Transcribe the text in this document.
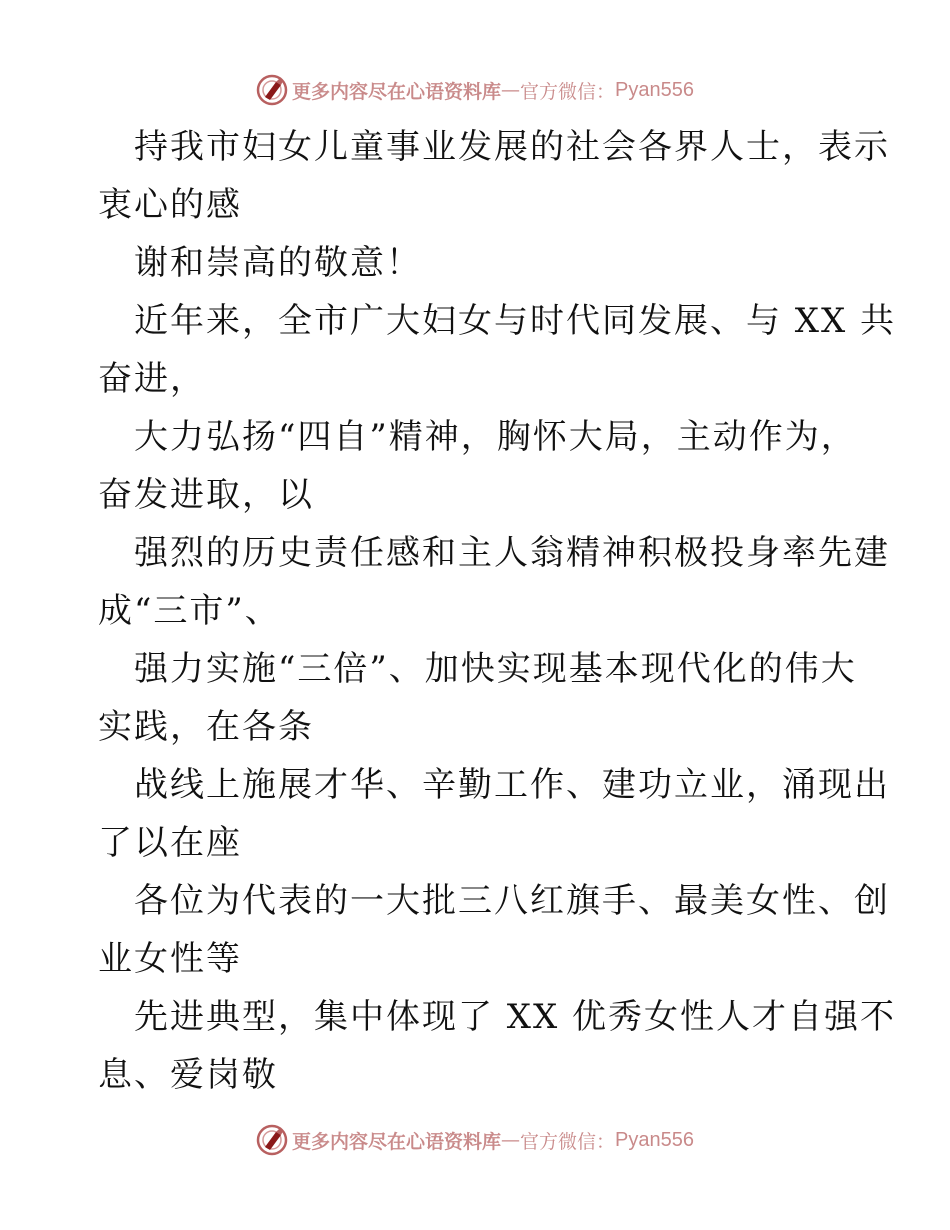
更多内容尽在心语资料库 — 官方微信： Pyan556

持我市妇女儿童事业发展的社会各界人士，表示

衷心的感

谢和崇高的敬意！

近年来，全市广大妇女与时代同发展、与 XX 共

奋进，

大力弘扬“四自”精神，胸怀大局，主动作为，

奋发进取，以

强烈的历史责任感和主人翁精神积极投身率先建

成“三市”、

强力实施“三倍”、加快实现基本现代化的伟大

实践，在各条

战线上施展才华、辛勤工作、建功立业，涌现出

了以在座

各位为代表的一大批三八红旗手、最美女性、创

业女性等

先进典型，集中体现了 XX 优秀女性人才自强不

息、爱岗敬

更多内容尽在心语资料库 — 官方微信： Pyan556
